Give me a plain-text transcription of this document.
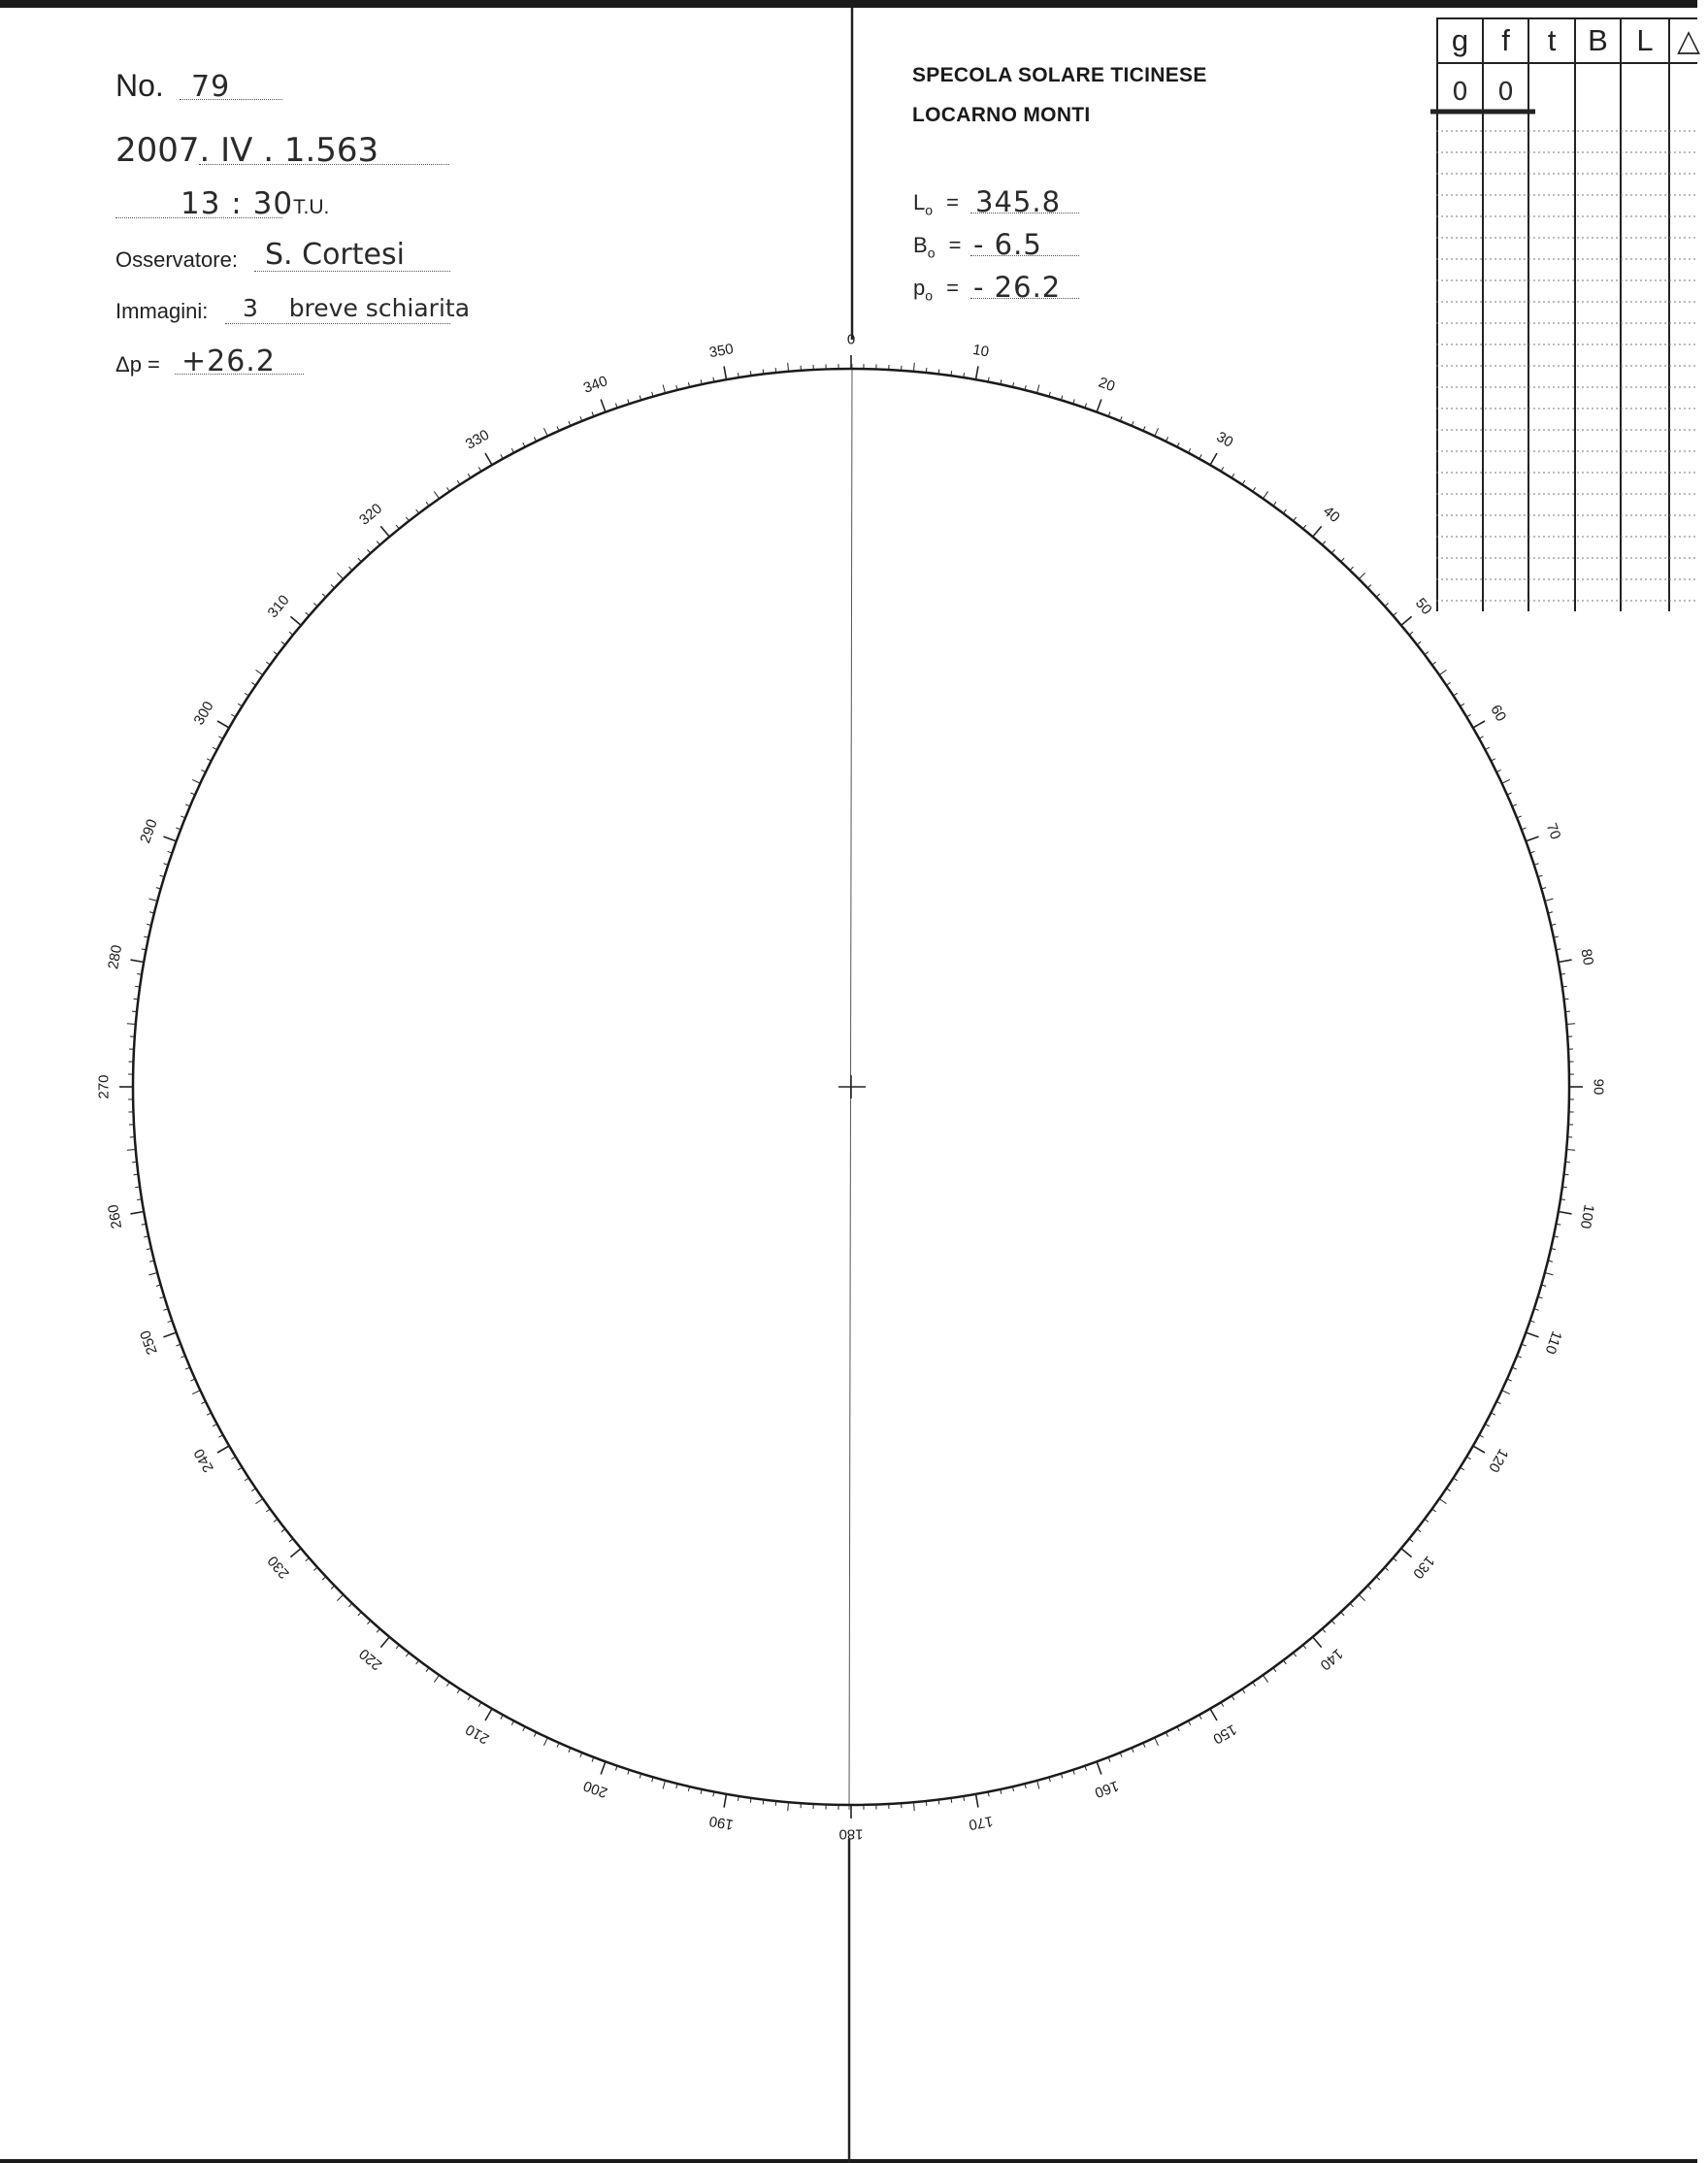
No. 79
2007. IV . 1.563
13 : 30 T.U.
Osservatore: S. Cortesi
Immagini: 3    breve schiarita
Δp = +26.2
SPECOLA SOLARE TICINESE
LOCARNO MONTI
$L_o = 345.8$
$B_o$ = - 6.5
$p_o$ = - 26.2
g	f	t	B L △
0	0
0
10
20
30
40
50
60
70
80
90
100
110
120
130
140
150
160
170
180
190
200
210
220
230
240
250
260
270
280
290
300
310
320
330
340
350
